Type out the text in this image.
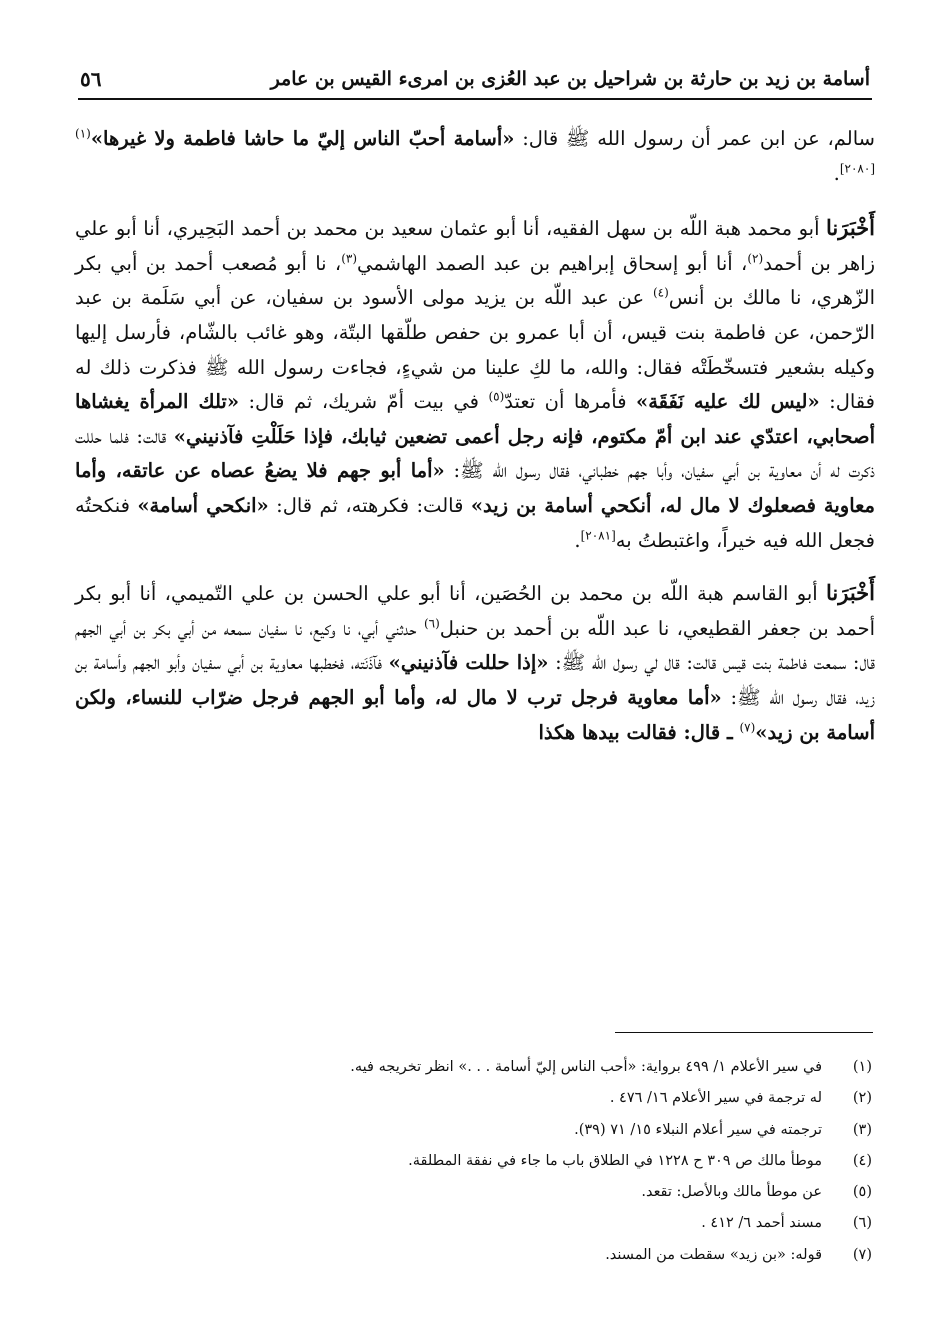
أسامة بن زيد بن حارثة بن شراحيل بن عبد العُزى بن امرىء القيس بن عامر
٥٦

سالم، عن ابن عمر أن رسول الله ﷺ قال: «أسامة أحبّ الناس إليّ ما حاشا فاطمة ولا غيرها»$^{(١)[٢٠٨٠]}$.

أَخْبَرَنا أبو محمد هبة اللّه بن سهل الفقيه، أنا أبو عثمان سعيد بن محمد بن أحمد البَحِيري، أنا أبو علي زاهر بن أحمد$^{(٢)}$، أنا أبو إسحاق إبراهيم بن عبد الصمد الهاشمي$^{(٣)}$، نا أبو مُصعب أحمد بن أبي بكر الزّهري، نا مالك بن أنس$^{(٤)}$ عن عبد اللّه بن يزيد مولى الأسود بن سفيان، عن أبي سَلَمة بن عبد الرّحمن، عن فاطمة بنت قيس، أن أبا عمرو بن حفص طلّقها البتّة، وهو غائب بالشّام، فأرسل إليها وكيله بشعير فتسخّطَتْه فقال: والله، ما لكِ علينا من شيءٍ، فجاءت رسول الله ﷺ فذكرت ذلك له فقال: «ليس لك عليه نَفَقَة» فأمرها أن تعتدّ$^{(٥)}$ في بيت أمّ شريك، ثم قال: «تلك المرأة يغشاها أصحابي، اعتدّي عند ابن أمّ مكتوم، فإنه رجل أعمى تضعين ثيابك، فإذا حَلَلْتِ فآذنيني» قالت: فلما حللت ذكرت له أن معاوية بن أبي سفيان، وأبا جهم خطباني، فقال رسول الله ﷺ: «أما أبو جهم فلا يضعُ عصاه عن عاتقه، وأما معاوية فصعلوك لا مال له، أنكحي أسامة بن زيد» قالت: فكرهته، ثم قال: «انكحي أسامة» فنكحتُه فجعل الله فيه خيراً، واغتبطتُ به[٢٠٨١].

أَخْبَرَنا أبو القاسم هبة اللّه بن محمد بن الحُصَين، أنا أبو علي الحسن بن علي التّميمي، أنا أبو بكر أحمد بن جعفر القطيعي، نا عبد اللّه بن أحمد بن حنبل$^{(٦)}$ حدثني أبي، نا وكيع، نا سفيان سمعه من أبي بكر بن أبي الجهم قال: سمعت فاطمة بنت قيس قالت: قال لي رسول الله ﷺ: «إذا حللت فآذنيني» فآذَنَته، فخطبها معاوية بن أبي سفيان وأبو الجهم وأسامة بن زيد، فقال رسول الله ﷺ: «أما معاوية فرجل ترب لا مال له، وأما أبو الجهم فرجل ضرّاب للنساء، ولكن أسامة بن زيد»$^{(٧)}$ ـ قال: فقالت بيدها هكذا

(١)
في سير الأعلام ١/ ٤٩٩ برواية: «أحب الناس إليّ أسامة . . .» انظر تخريجه فيه.
(٢)
له ترجمة في سير الأعلام ١٦/ ٤٧٦ .
(٣)
ترجمته في سير أعلام النبلاء ١٥/ ٧١ (٣٩).
(٤)
موطأ مالك ص ٣٠٩ ح ١٢٢٨ في الطلاق باب ما جاء في نفقة المطلقة.
(٥)
عن موطأ مالك وبالأصل: تقعد.
(٦)
مسند أحمد ٦/ ٤١٢ .
(٧)
قوله: «بن زيد» سقطت من المسند.
